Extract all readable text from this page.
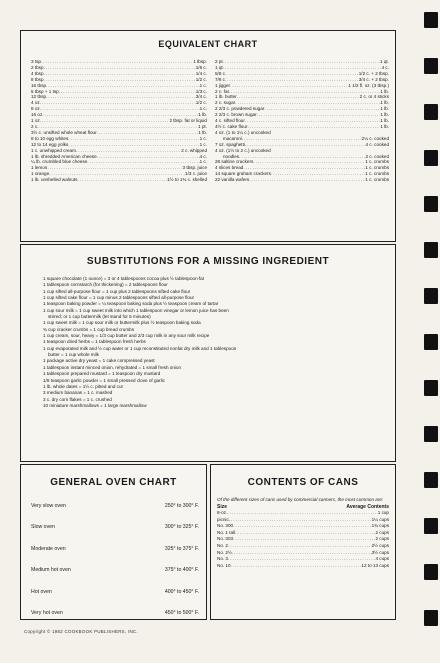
EQUIVALENT CHART
3 tsp .....	1 tbsp.
2 tbsp .....	1/8 c.
4 tbsp .....	1/4 c.
8 tbsp .....	1/2 c.
16 tbsp .....	1 c.
5 tbsp + 1 tsp .....	1/3 c.
12 tbsp .....	3/4 c.
4 oz .....	1/2 c.
8 oz .....	1 c.
16 oz .....	1 lb.
1 oz .....	2 tbsp. fat or liquid
2 c. .....	1 pt.
3½ c. unsifted whole wheat flour .....	1 lb.
8 to 10 egg whites .....	1 c.
12 to 14 egg yolks .....	1 c.
1 c. unwhipped cream .....	2 c. whipped
1 lb. shredded American cheese .....	4 c.
¼ lb. crumbled blue cheese .....	1 c.
1 lemon .....	3 tbsp. juice
1 orange .....	1/3 c. juice
1 lb. unshelled walnuts .....	1½ to 1¾ c. shelled
2 pt .....	1 qt.
1 qt .....	4 c.
5/8 c .....	1/2 c. + 2 tbsp.
7/8 c .....	3/4 c. + 2 tbsp.
1 jigger .....	1 1/2 fl. oz. (3 tbsp.)
2 c. fat .....	1 lb.
1 lb. butter .....	2 c. or 4 sticks
2 c. sugar .....	1 lb.
2 2/3 c. powdered sugar .....	1 lb.
2 2/3 c. brown sugar .....	1 lb.
4 c. sifted flour .....	1 lb.
4½ c. cake flour .....	1 lb.
4 oz. (1 to 1¼ c.) uncooked
macaroni .....	2¼ c. cooked
7 oz. spaghetti .....	4 c. cooked
4 oz. (1½ to 2 c.) uncooked
noodles .....	2 c. cooked
28 saltine crackers .....	1 c. crumbs
4 slices bread .....	1 c. crumbs
14 square graham crackers .....	1 c. crumbs
22 vanilla wafers .....	1 c. crumbs
SUBSTITUTIONS FOR A MISSING INGREDIENT
1 square chocolate (1 ounce) = 3 or 4 tablespoons cocoa plus ½ tablespoon fat
1 tablespoon cornstarch (for thickening) = 2 tablespoons flour
1 cup sifted all-purpose flour = 1 cup plus 2 tablespoons sifted cake flour
1 cup sifted cake flour = 1 cup minus 2 tablespoons sifted all-purpose flour
1 teaspoon baking powder = ¼ teaspoon baking soda plus ½ teaspoon cream of tartar
1 cup sour milk = 1 cup sweet milk into which 1 tablespoon vinegar or lemon juice has been
stirred; or 1 cup buttermilk (let stand for 5 minutes)
1 cup sweet milk = 1 cup sour milk or buttermilk plus ½ teaspoon baking soda
¾ cup cracker crumbs = 1 cup bread crumbs
1 cup cream, sour, heavy = 1/3 cup butter and 2/3 cup milk in any sour milk recipe
1 teaspoon dried herbs = 1 tablespoon fresh herbs
1 cup evaporated milk and ½ cup water or 1 cup reconstituted nonfat dry milk and 1 tablespoon
butter = 1 cup whole milk
1 package active dry yeast = 1 cake compressed yeast
1 tablespoon instant minced onion, rehydrated = 1 small fresh onion
1 tablespoon prepared mustard = 1 teaspoon dry mustard
1/8 teaspoon garlic powder = 1 small pressed clove of garlic
1 lb. whole dates = 1½ c. pitted and cut
3 medium bananas = 1 c. mashed
3 c. dry corn flakes = 1 c. crushed
10 miniature marshmallows = 1 large marshmallow
GENERAL OVEN CHART
Very slow oven	250° to 300° F.
Slow oven	300° to 325° F.
Moderate oven	325° to 375° F.
Medium hot oven	375° to 400° F.
Hot oven	400° to 450° F.
Very hot oven	450° to 500° F.
CONTENTS OF CANS
Of the different sizes of cans used by commercial canners, the most common are:
Size	Average Contents
8-oz. .....	1 cup
picnic .....	1¼ cups
No. 300 .....	1¾ cups
No. 1 tall .....	2 cups
No. 303 .....	2 cups
No. 2 .....	2½ cups
No. 2½ .....	3½ cups
No. 3 .....	4 cups
No. 10 .....	12 to 13 cups
Copyright © 1982 COOKBOOK PUBLISHERS, INC.
